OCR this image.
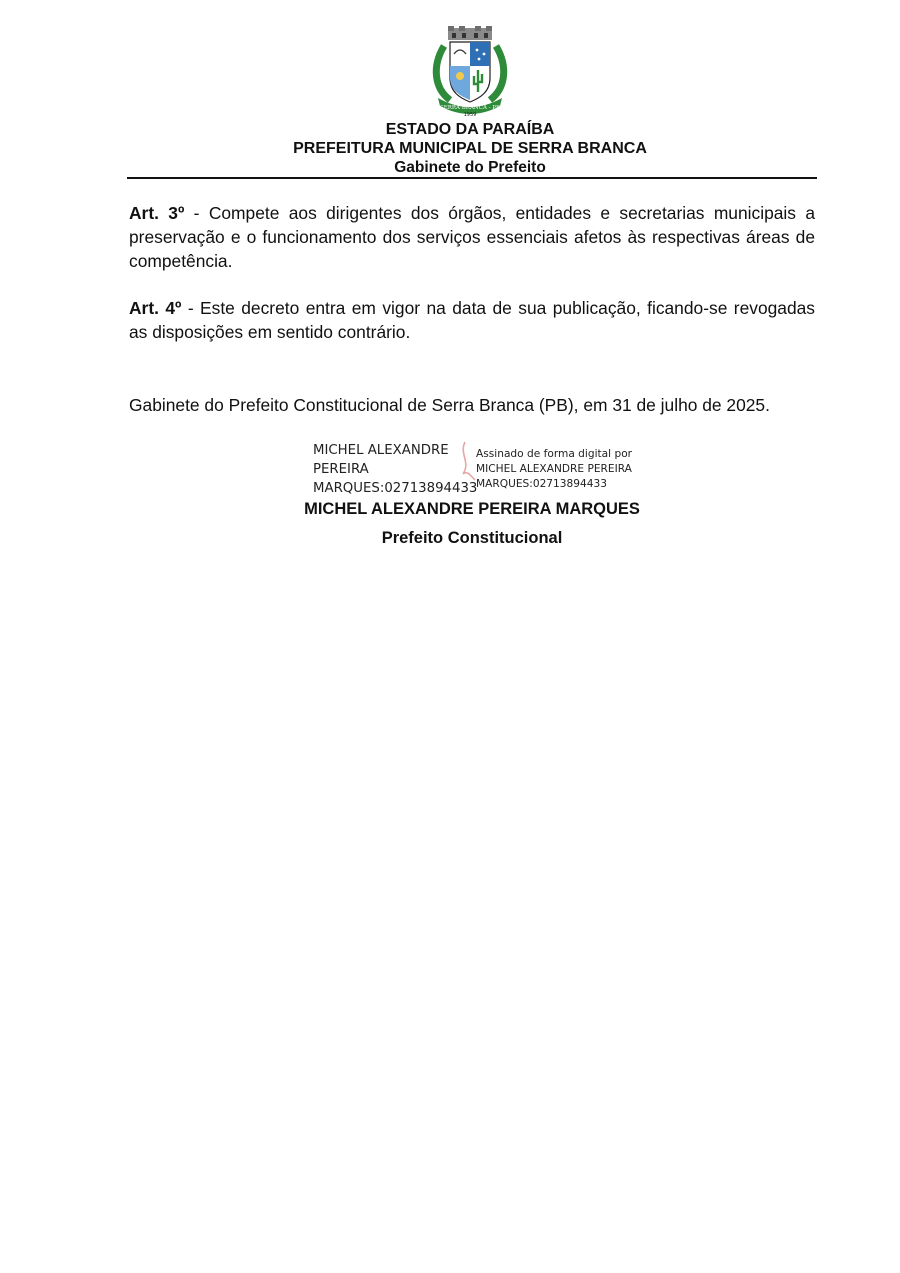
SERRA BRANCA - PB
1959
ESTADO DA PARAÍBA
PREFEITURA MUNICIPAL DE SERRA BRANCA
Gabinete do Prefeito

Art. 3º - Compete aos dirigentes dos órgãos, entidades e secretarias municipais a preservação e o funcionamento dos serviços essenciais afetos às respectivas áreas de competência.

Art. 4º - Este decreto entra em vigor na data de sua publicação, ficando-se revogadas as disposições em sentido contrário.

Gabinete do Prefeito Constitucional de Serra Branca (PB), em 31 de julho de 2025.

MICHEL ALEXANDRE
PEREIRA
MARQUES:02713894433
Assinado de forma digital por
MICHEL ALEXANDRE PEREIRA
MARQUES:02713894433
MICHEL ALEXANDRE PEREIRA MARQUES
Prefeito Constitucional
